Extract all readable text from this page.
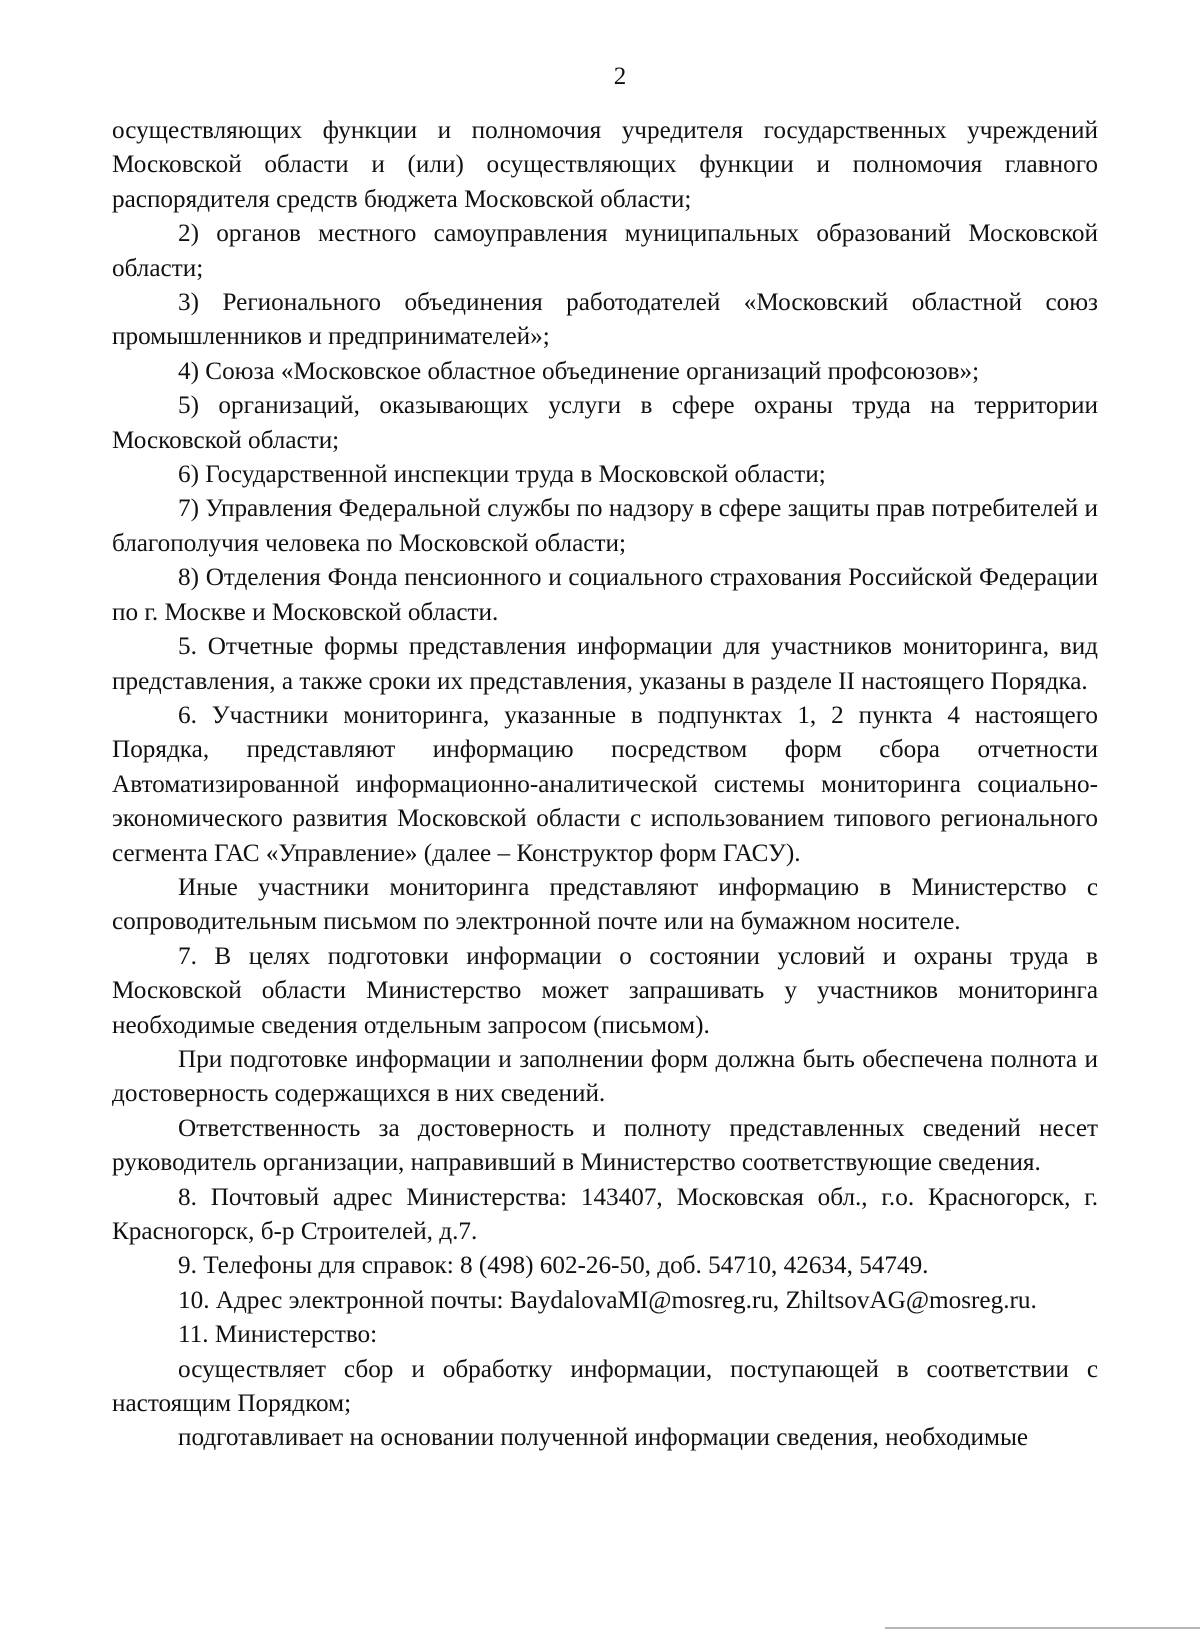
2

осуществляющих функции и полномочия учредителя государственных учреждений Московской области и (или) осуществляющих функции и полномочия главного распорядителя средств бюджета Московской области;

2) органов местного самоуправления муниципальных образований Московской области;

3) Регионального объединения работодателей «Московский областной союз промышленников и предпринимателей»;

4) Союза «Московское областное объединение организаций профсоюзов»;

5) организаций, оказывающих услуги в сфере охраны труда на территории Московской области;

6) Государственной инспекции труда в Московской области;

7) Управления Федеральной службы по надзору в сфере защиты прав потребителей и благополучия человека по Московской области;

8) Отделения Фонда пенсионного и социального страхования Российской Федерации по г. Москве и Московской области.

5. Отчетные формы представления информации для участников мониторинга, вид представления, а также сроки их представления, указаны в разделе II настоящего Порядка.

6. Участники мониторинга, указанные в подпунктах 1, 2 пункта 4 настоящего Порядка, представляют информацию посредством форм сбора отчетности Автоматизированной информационно-аналитической системы мониторинга социально-экономического развития Московской области с использованием типового регионального сегмента ГАС «Управление» (далее – Конструктор форм ГАСУ).

Иные участники мониторинга представляют информацию в Министерство с сопроводительным письмом по электронной почте или на бумажном носителе.

7. В целях подготовки информации о состоянии условий и охраны труда в Московской области Министерство может запрашивать у участников мониторинга необходимые сведения отдельным запросом (письмом).

При подготовке информации и заполнении форм должна быть обеспечена полнота и достоверность содержащихся в них сведений.

Ответственность за достоверность и полноту представленных сведений несет руководитель организации, направивший в Министерство соответствующие сведения.

8. Почтовый адрес Министерства: 143407, Московская обл., г.о. Красногорск, г. Красногорск, б-р Строителей, д.7.

9. Телефоны для справок: 8 (498) 602-26-50, доб. 54710, 42634, 54749.

10. Адрес электронной почты: BaydalovaMI@mosreg.ru, ZhiltsovAG@mosreg.ru.

11. Министерство:

осуществляет сбор и обработку информации, поступающей в соответствии с настоящим Порядком;

подготавливает на основании полученной информации сведения, необходимые
